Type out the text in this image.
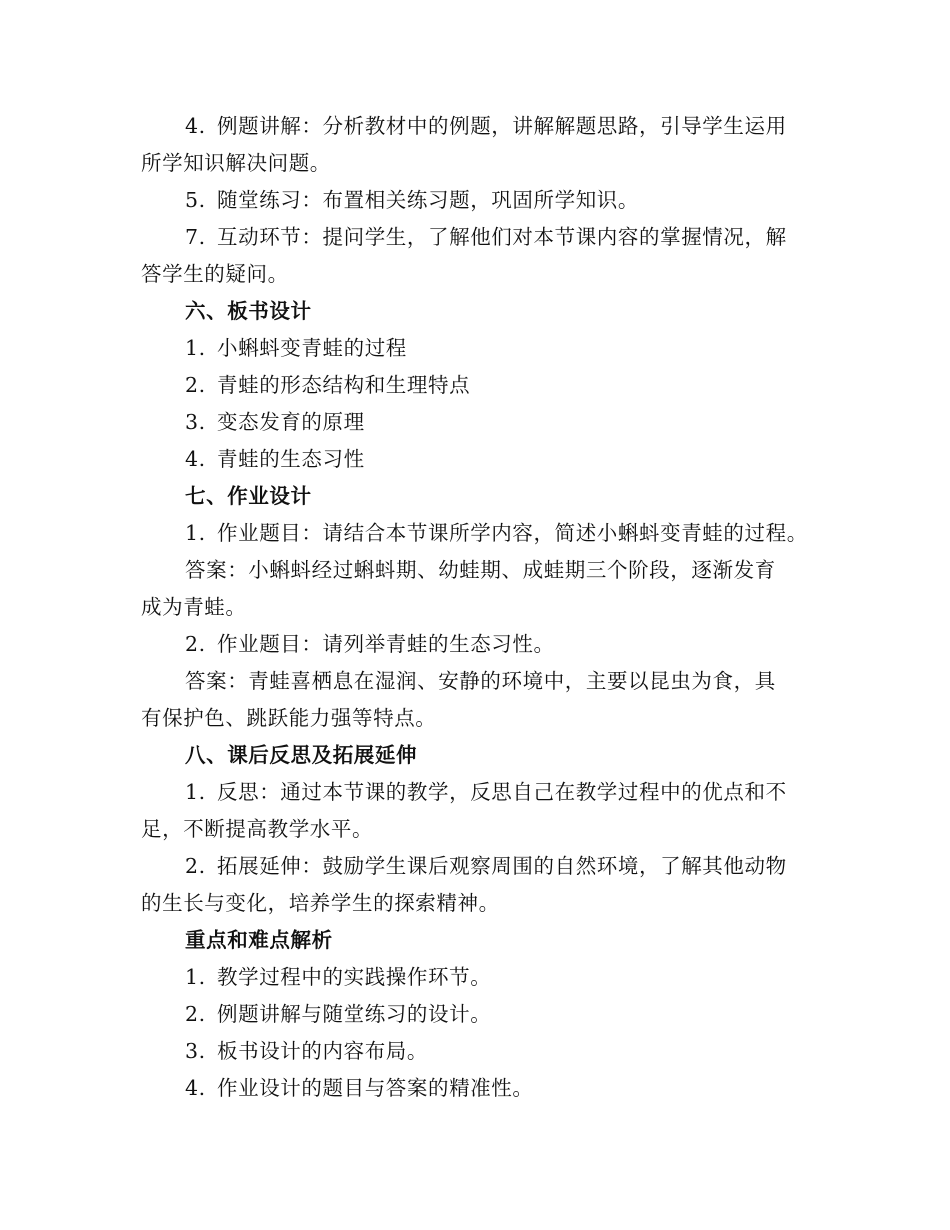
4. 例题讲解：分析教材中的例题，讲解解题思路，引导学生运用
所学知识解决问题。
5. 随堂练习：布置相关练习题，巩固所学知识。
7. 互动环节：提问学生，了解他们对本节课内容的掌握情况，解
答学生的疑问。
六、板书设计
1. 小蝌蚪变青蛙的过程
2. 青蛙的形态结构和生理特点
3. 变态发育的原理
4. 青蛙的生态习性
七、作业设计
1. 作业题目：请结合本节课所学内容，简述小蝌蚪变青蛙的过程。
答案：小蝌蚪经过蝌蚪期、幼蛙期、成蛙期三个阶段，逐渐发育
成为青蛙。
2. 作业题目：请列举青蛙的生态习性。
答案：青蛙喜栖息在湿润、安静的环境中，主要以昆虫为食，具
有保护色、跳跃能力强等特点。
八、课后反思及拓展延伸
1. 反思：通过本节课的教学，反思自己在教学过程中的优点和不
足，不断提高教学水平。
2. 拓展延伸：鼓励学生课后观察周围的自然环境，了解其他动物
的生长与变化，培养学生的探索精神。
重点和难点解析
1. 教学过程中的实践操作环节。
2. 例题讲解与随堂练习的设计。
3. 板书设计的内容布局。
4. 作业设计的题目与答案的精准性。
